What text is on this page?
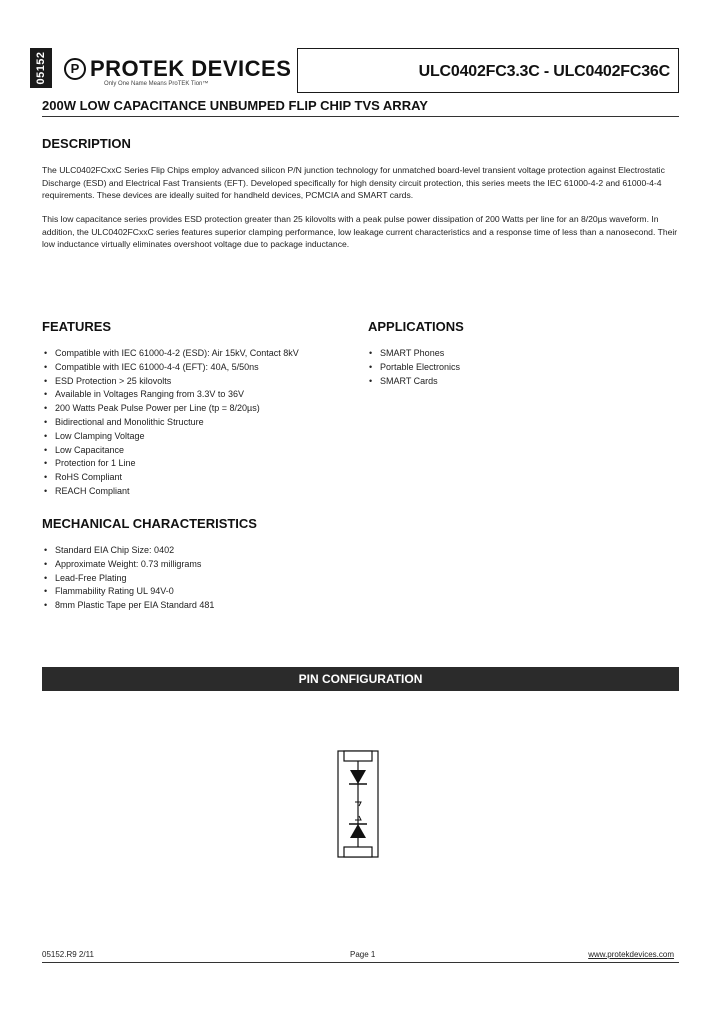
05152	P PROTEK DEVICES
Only One Name Means ProTEK Tion™
ULC0402FC3.3C - ULC0402FC36C
200W LOW CAPACITANCE UNBUMPED FLIP CHIP TVS ARRAY
DESCRIPTION
The ULC0402FCxxC Series Flip Chips employ advanced silicon P/N junction technology for unmatched board-level transient voltage protection against Electrostatic Discharge (ESD) and Electrical Fast Transients (EFT). Developed specifically for high density circuit protection, this series meets the IEC 61000-4-2 and 61000-4-4 requirements. These devices are ideally suited for handheld devices, PCMCIA and SMART cards.
This low capacitance series provides ESD protection greater than 25 kilovolts with a peak pulse power dissipation of 200 Watts per line for an 8/20µs waveform. In addition, the ULC0402FCxxC series features superior clamping performance, low leakage current characteristics and a response time of less than a nanosecond. Their low inductance virtually eliminates overshoot voltage due to package inductance.
FEATURES
• Compatible with IEC 61000-4-2 (ESD): Air 15kV, Contact 8kV
• Compatible with IEC 61000-4-4 (EFT): 40A, 5/50ns
• ESD Protection > 25 kilovolts
• Available in Voltages Ranging from 3.3V to 36V
• 200 Watts Peak Pulse Power per Line (tp = 8/20µs)
• Bidirectional and Monolithic Structure
• Low Clamping Voltage
• Low Capacitance
• Protection for 1 Line
• RoHS Compliant
• REACH Compliant
APPLICATIONS
• SMART Phones
• Portable Electronics
• SMART Cards
MECHANICAL CHARACTERISTICS
• Standard EIA Chip Size: 0402
• Approximate Weight: 0.73 milligrams
• Lead-Free Plating
• Flammability Rating UL 94V-0
• 8mm Plastic Tape per EIA Standard 481
PIN CONFIGURATION
05152.R9 2/11	Page 1	www.protekdevices.com
